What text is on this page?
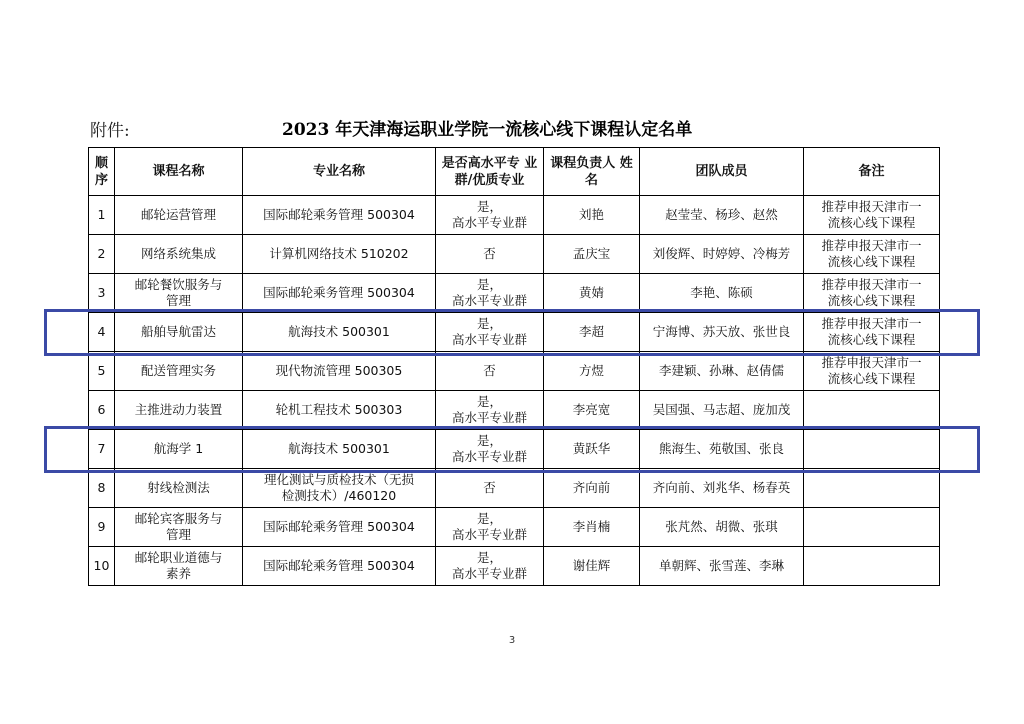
附件:	2023 年天津海运职业学院一流核心线下课程认定名单
顺 序	课程名称	专业名称	是否高水平专 业群/优质专业	课程负责人 姓名	团队成员	备注
1	邮轮运营管理	国际邮轮乘务管理 500304	是，
高水平专业群	刘艳	赵莹莹、杨珍、赵然	推荐申报天津市一
流核心线下课程

2	网络系统集成	计算机网络技术 510202	否	孟庆宝	刘俊辉、时婷婷、冷梅芳	推荐申报天津市一
流核心线下课程

3	邮轮餐饮服务与
管理	国际邮轮乘务管理 500304	是，
高水平专业群	黄婧	李艳、陈硕	推荐申报天津市一
流核心线下课程

4	船舶导航雷达	航海技术 500301	是，
高水平专业群	李超	宁海博、苏天放、张世良	推荐申报天津市一
流核心线下课程

5	配送管理实务	现代物流管理 500305	否	方煜	李建颖、孙琳、赵倩儒	推荐申报天津市一
流核心线下课程

6	主推进动力装置	轮机工程技术 500303	是，
高水平专业群	李亮宽	吴国强、马志超、庞加茂	
7	航海学 1	航海技术 500301	是，
高水平专业群	黄跃华	熊海生、苑敬国、张良	
8	射线检测法	理化测试与质检技术（无损
检测技术）/460120	否	齐向前	齐向前、刘兆华、杨春英	
9	邮轮宾客服务与
管理	国际邮轮乘务管理 500304	是，
高水平专业群	李肖楠	张芃然、胡微、张琪	
10	邮轮职业道德与
素养	国际邮轮乘务管理 500304	是，
高水平专业群	谢佳辉	单朝辉、张雪莲、李琳	
3
